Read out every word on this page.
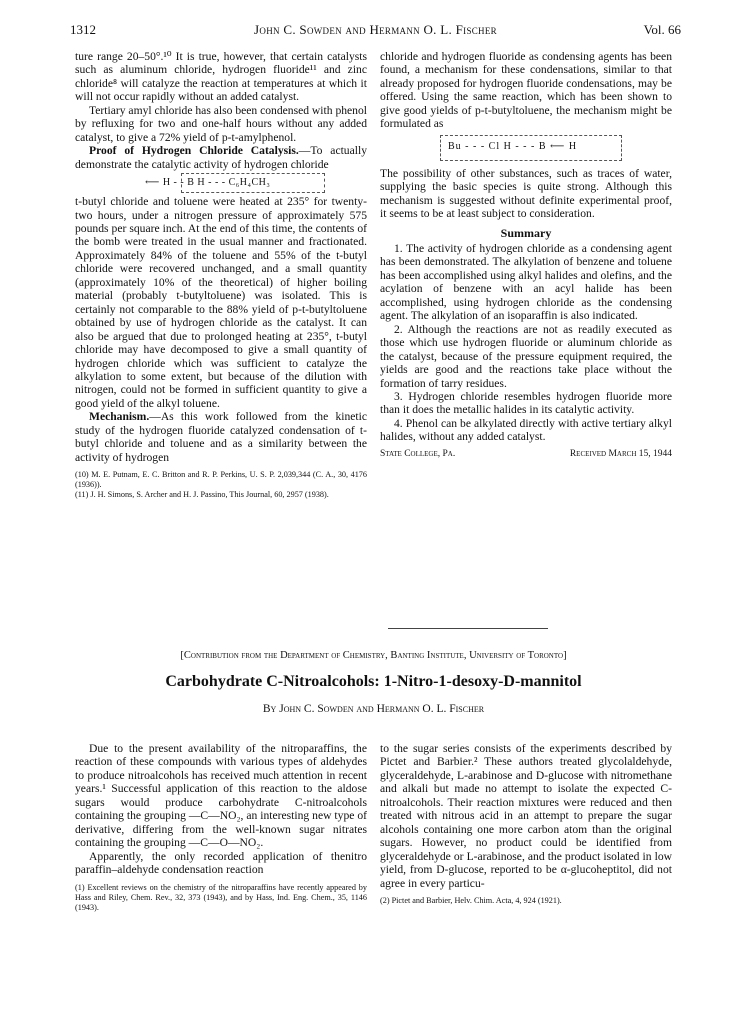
1312	John C. Sowden and Hermann O. L. Fischer	Vol. 66

ture range 20–50°.¹⁰ It is true, however, that certain catalysts such as aluminum chloride, hydrogen fluoride¹¹ and zinc chloride⁸ will catalyze the reaction at temperatures at which it will not occur rapidly without an added catalyst.

Tertiary amyl chloride has also been condensed with phenol by refluxing for two and one-half hours without any added catalyst, to give a 72% yield of p-t-amylphenol.

Proof of Hydrogen Chloride Catalysis.—To actually demonstrate the catalytic activity of hydrogen chloride

⟵ H - - B H - - - C₆H₄CH₃

t-butyl chloride and toluene were heated at 235° for twenty-two hours, under a nitrogen pressure of approximately 575 pounds per square inch. At the end of this time, the contents of the bomb were treated in the usual manner and fractionated. Approximately 84% of the toluene and 55% of the t-butyl chloride were recovered unchanged, and a small quantity (approximately 10% of the theoretical) of higher boiling material (probably t-butyltoluene) was isolated. This is certainly not comparable to the 88% yield of p-t-butyltoluene obtained by use of hydrogen chloride as the catalyst. It can also be argued that due to prolonged heating at 235°, t-butyl chloride may have decomposed to give a small quantity of hydrogen chloride which was sufficient to catalyze the alkylation to some extent, but because of the dilution with nitrogen, could not be formed in sufficient quantity to give a good yield of the alkyl toluene.

Mechanism.—As this work followed from the kinetic study of the hydrogen fluoride catalyzed condensation of t-butyl chloride and toluene and as a similarity between the activity of hydrogen

(10) M. E. Putnam, E. C. Britton and R. P. Perkins, U. S. P. 2,039,344 (C. A., 30, 4176 (1936)).

(11) J. H. Simons, S. Archer and H. J. Passino, This Journal, 60, 2957 (1938).

chloride and hydrogen fluoride as condensing agents has been found, a mechanism for these condensations, similar to that already proposed for hydrogen fluoride condensations, may be offered. Using the same reaction, which has been shown to give good yields of p-t-butyltoluene, the mechanism might be formulated as

Bu - - - Cl H - - - B ⟵ H

The possibility of other substances, such as traces of water, supplying the basic species is quite strong. Although this mechanism is suggested without definite experimental proof, it seems to be at least subject to consideration.

Summary

1. The activity of hydrogen chloride as a condensing agent has been demonstrated. The alkylation of benzene and toluene has been accomplished using alkyl halides and olefins, and the acylation of benzene with an acyl halide has been accomplished, using hydrogen chloride as the condensing agent. The alkylation of an isoparaffin is also indicated.

2. Although the reactions are not as readily executed as those which use hydrogen fluoride or aluminum chloride as the catalyst, because of the pressure equipment required, the yields are good and the reactions take place without the formation of tarry residues.

3. Hydrogen chloride resembles hydrogen fluoride more than it does the metallic halides in its catalytic activity.

4. Phenol can be alkylated directly with active tertiary alkyl halides, without any added catalyst.

State College, Pa.	Received March 15, 1944

[Contribution from the Department of Chemistry, Banting Institute, University of Toronto]
Carbohydrate C-Nitroalcohols: 1-Nitro-1-desoxy-D-mannitol
By John C. Sowden and Hermann O. L. Fischer

Due to the present availability of the nitroparaffins, the reaction of these compounds with various types of aldehydes to produce nitroalcohols has received much attention in recent years.¹ Successful application of this reaction to the aldose sugars would produce carbohydrate C-nitroalcohols containing the grouping —C—NO₂, an interesting new type of derivative, differing from the well-known sugar nitrates containing the grouping —C—O—NO₂.

Apparently, the only recorded application of thenitro paraffin–aldehyde condensation reaction

(1) Excellent reviews on the chemistry of the nitroparaffins have recently appeared by Hass and Riley, Chem. Rev., 32, 373 (1943), and by Hass, Ind. Eng. Chem., 35, 1146 (1943).

to the sugar series consists of the experiments described by Pictet and Barbier.² These authors treated glycolaldehyde, glyceraldehyde, L-arabinose and D-glucose with nitromethane and alkali but made no attempt to isolate the expected C-nitroalcohols. Their reaction mixtures were reduced and then treated with nitrous acid in an attempt to prepare the sugar alcohols containing one more carbon atom than the original sugars. However, no product could be identified from glyceraldehyde or L-arabinose, and the product isolated in low yield, from D-glucose, reported to be α-glucoheptitol, did not agree in every particu-

(2) Pictet and Barbier, Helv. Chim. Acta, 4, 924 (1921).
